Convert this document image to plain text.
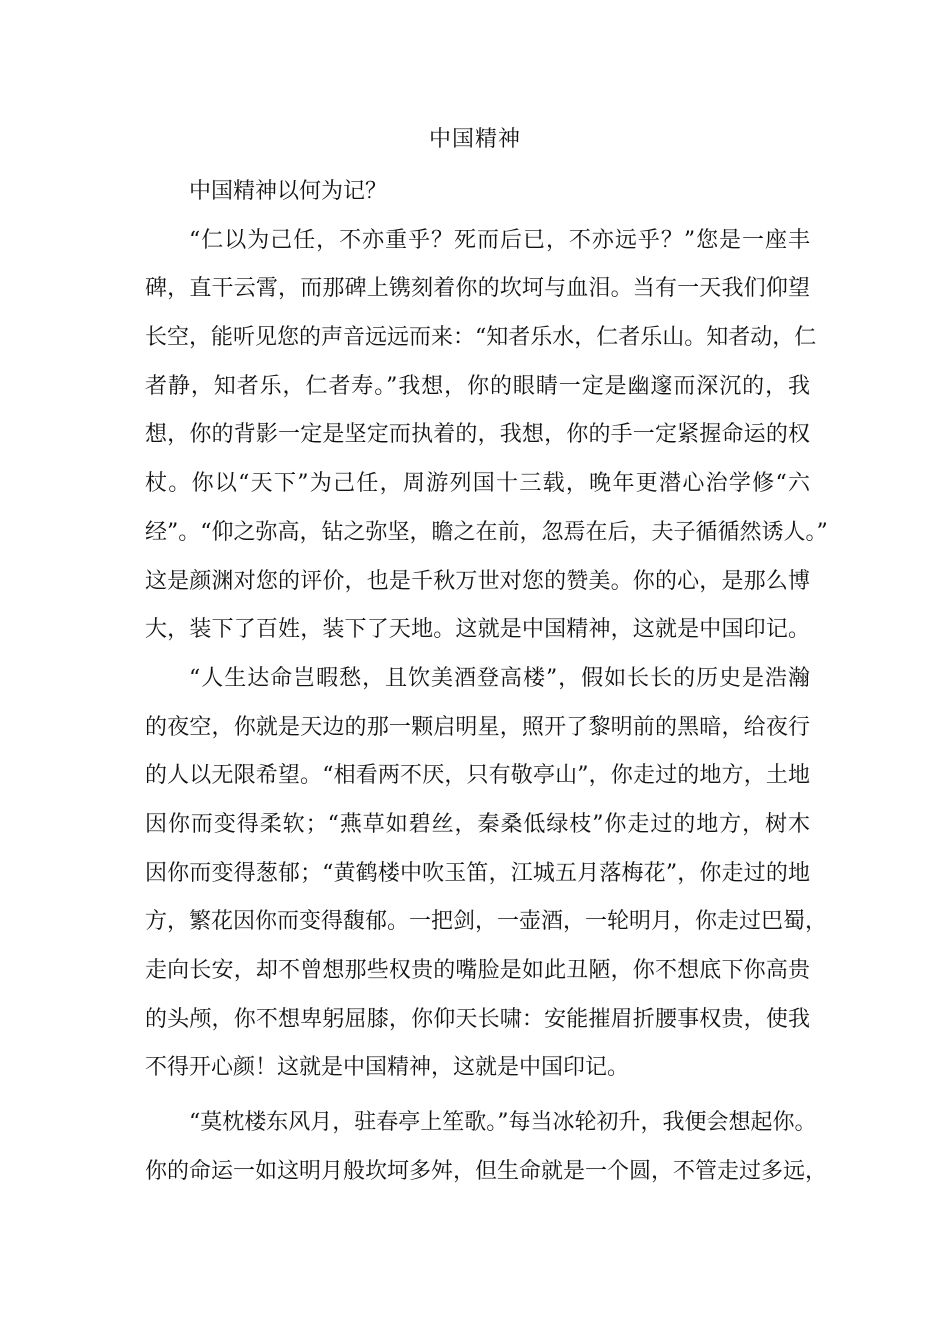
中国精神
中国精神以何为记？
“仁以为己任，不亦重乎？死而后已，不亦远乎？”您是一座丰
碑，直干云霄，而那碑上镌刻着你的坎坷与血泪。当有一天我们仰望
长空，能听见您的声音远远而来：“知者乐水，仁者乐山。知者动，仁
者静，知者乐，仁者寿。”我想，你的眼睛一定是幽邃而深沉的，我
想，你的背影一定是坚定而执着的，我想，你的手一定紧握命运的权
杖。你以“天下”为己任，周游列国十三载，晚年更潜心治学修“六
经”。“仰之弥高，钻之弥坚，瞻之在前，忽焉在后，夫子循循然诱人。”
这是颜渊对您的评价，也是千秋万世对您的赞美。你的心，是那么博
大，装下了百姓，装下了天地。这就是中国精神，这就是中国印记。
“人生达命岂暇愁，且饮美酒登高楼”，假如长长的历史是浩瀚
的夜空，你就是天边的那一颗启明星，照开了黎明前的黑暗，给夜行
的人以无限希望。“相看两不厌，只有敬亭山”，你走过的地方，土地
因你而变得柔软；“燕草如碧丝，秦桑低绿枝”你走过的地方，树木
因你而变得葱郁；“黄鹤楼中吹玉笛，江城五月落梅花”，你走过的地
方，繁花因你而变得馥郁。一把剑，一壶酒，一轮明月，你走过巴蜀，
走向长安，却不曾想那些权贵的嘴脸是如此丑陋，你不想底下你高贵
的头颅，你不想卑躬屈膝，你仰天长啸：安能摧眉折腰事权贵，使我
不得开心颜！这就是中国精神，这就是中国印记。
“莫枕楼东风月，驻春亭上笙歌。”每当冰轮初升，我便会想起你。
你的命运一如这明月般坎坷多舛，但生命就是一个圆，不管走过多远，
